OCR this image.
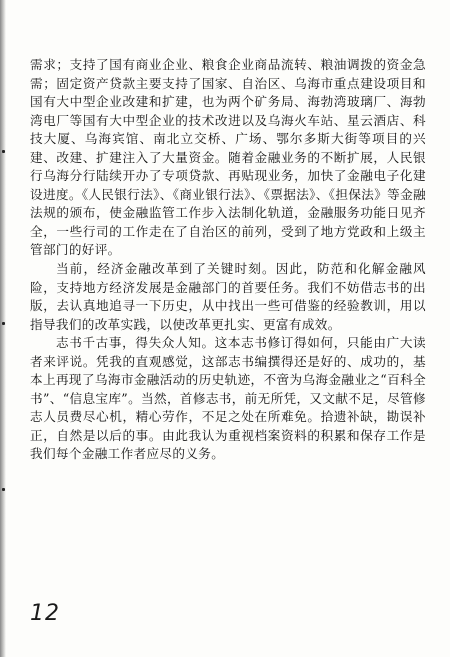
需求；支持了国有商业企业、粮食企业商品流转、粮油调拨的资金急需；固定资产贷款主要支持了国家、自治区、乌海市重点建设项目和国有大中型企业改建和扩建，也为两个矿务局、海勃湾玻璃厂、海勃湾电厂等国有大中型企业的技术改进以及乌海火车站、星云酒店、科技大厦、乌海宾馆、南北立交桥、广场、鄂尔多斯大街等项目的兴建、改建、扩建注入了大量资金。随着金融业务的不断扩展，人民银行乌海分行陆续开办了专项贷款、再贴现业务，加快了金融电子化建设进度。《人民银行法》、《商业银行法》、《票据法》、《担保法》等金融法规的颁布，使金融监管工作步入法制化轨道，金融服务功能日见齐全，一些行司的工作走在了自治区的前列，受到了地方党政和上级主管部门的好评。

当前，经济金融改革到了关键时刻。因此，防范和化解金融风险，支持地方经济发展是金融部门的首要任务。我们不妨借志书的出版，去认真地追寻一下历史，从中找出一些可借鉴的经验教训，用以指导我们的改革实践，以使改革更扎实、更富有成效。

志书千古事，得失众人知。这本志书修订得如何，只能由广大读者来评说。凭我的直观感觉，这部志书编撰得还是好的、成功的，基本上再现了乌海市金融活动的历史轨迹，不啻为乌海金融业之“百科全书”、“信息宝库”。当然，首修志书，前无所凭，又文献不足，尽管修志人员费尽心机，精心劳作，不足之处在所难免。拾遗补缺，勘误补正，自然是以后的事。由此我认为重视档案资料的积累和保存工作是我们每个金融工作者应尽的义务。

12
